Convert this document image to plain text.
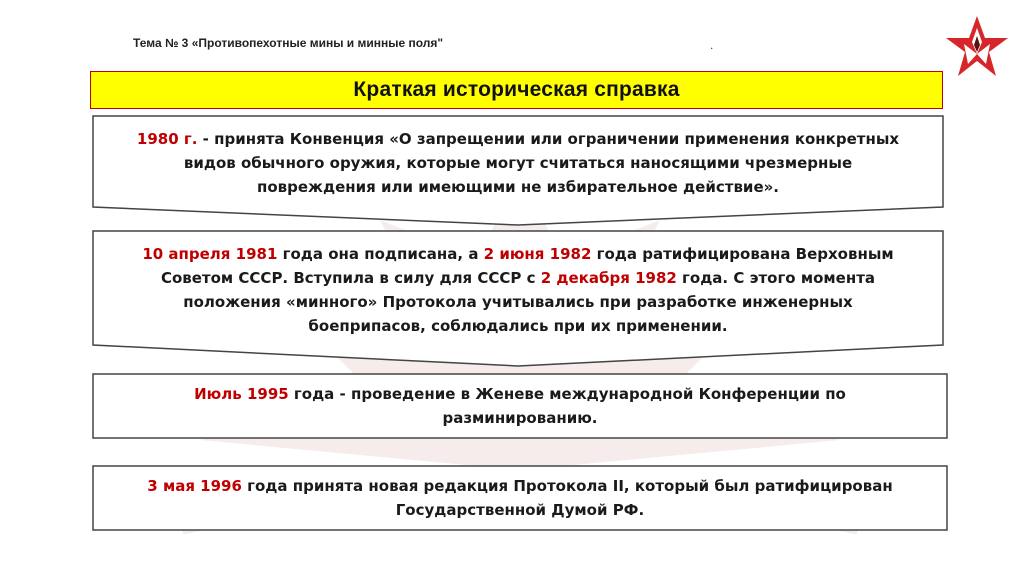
Тема № 3 «Противопехотные мины и минные поля"	.
Краткая историческая справка
1980 г. - принята Конвенция «О запрещении или ограничении применения конкретных
видов обычного оружия, которые могут считаться наносящими чрезмерные
повреждения или имеющими не избирательное действие».
10 апреля 1981 года она подписана, а 2 июня 1982 года ратифицирована Верховным
Советом СССР. Вступила в силу для СССР с 2 декабря 1982 года. С этого момента
положения «минного» Протокола учитывались при разработке инженерных
боеприпасов, соблюдались при их применении.
Июль 1995 года - проведение в Женеве международной Конференции по
разминированию.
3 мая 1996 года принята новая редакция Протокола II, который был ратифицирован
Государственной Думой РФ.
